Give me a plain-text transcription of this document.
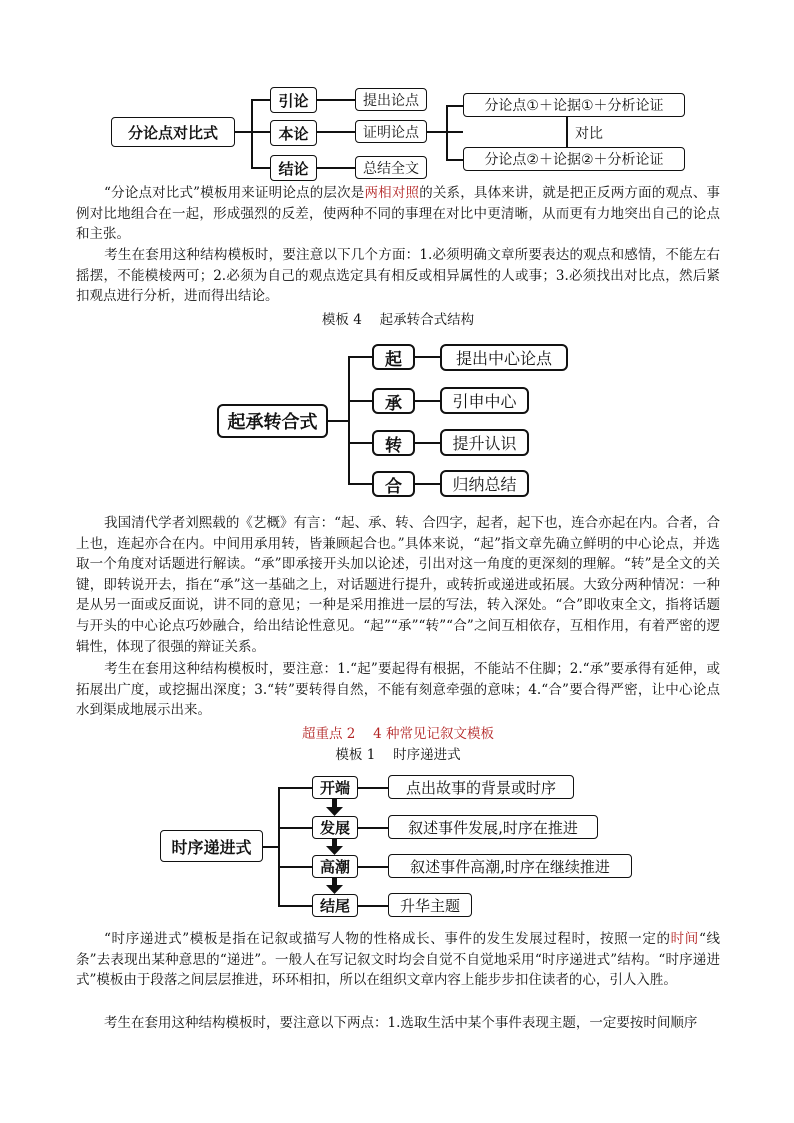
分论点对比式
引论
本论
结论
提出论点
证明论点
总结全文
分论点①＋论据①＋分析论证
分论点②＋论据②＋分析论证
对比

“分论点对比式”模板用来证明论点的层次是两相对照的关系，具体来讲，就是把正反两方面的观点、事例对比地组合在一起，形成强烈的反差，使两种不同的事理在对比中更清晰，从而更有力地突出自己的论点和主张。

考生在套用这种结构模板时，要注意以下几个方面：1.必须明确文章所要表达的观点和感情，不能左右摇摆，不能模棱两可；2.必须为自己的观点选定具有相反或相异属性的人或事；3.必须找出对比点，然后紧扣观点进行分析，进而得出结论。

模板 4　 起承转合式结构
起承转合式
起
承
转
合
提出中心论点
引申中心
提升认识
归纳总结

我国清代学者刘熙载的《艺概》有言：“起、承、转、合四字，起者，起下也，连合亦起在内。合者，合上也，连起亦合在内。中间用承用转，皆兼顾起合也。”具体来说，“起”指文章先确立鲜明的中心论点，并选取一个角度对话题进行解读。“承”即承接开头加以论述，引出对这一角度的更深刻的理解。“转”是全文的关键，即转说开去，指在“承”这一基础之上，对话题进行提升，或转折或递进或拓展。大致分两种情况：一种是从另一面或反面说，讲不同的意见；一种是采用推进一层的写法，转入深处。“合”即收束全文，指将话题与开头的中心论点巧妙融合，给出结论性意见。“起”“承”“转”“合”之间互相依存，互相作用，有着严密的逻辑性，体现了很强的辩证关系。

考生在套用这种结构模板时，要注意：1.“起”要起得有根据，不能站不住脚；2.“承”要承得有延伸，或拓展出广度，或挖掘出深度；3.“转”要转得自然，不能有刻意牵强的意味；4.“合”要合得严密，让中心论点水到渠成地展示出来。

超重点 2　 4 种常见记叙文模板
模板 1　 时序递进式
时序递进式
开端
发展
高潮
结尾
点出故事的背景或时序
叙述事件发展,时序在推进
叙述事件高潮,时序在继续推进
升华主题

“时序递进式”模板是指在记叙或描写人物的性格成长、事件的发生发展过程时，按照一定的时间“线条”去表现出某种意思的“递进”。一般人在写记叙文时均会自觉不自觉地采用“时序递进式”结构。“时序递进式”模板由于段落之间层层推进，环环相扣，所以在组织文章内容上能步步扣住读者的心，引人入胜。

考生在套用这种结构模板时，要注意以下两点：1.选取生活中某个事件表现主题，一定要按时间顺序
